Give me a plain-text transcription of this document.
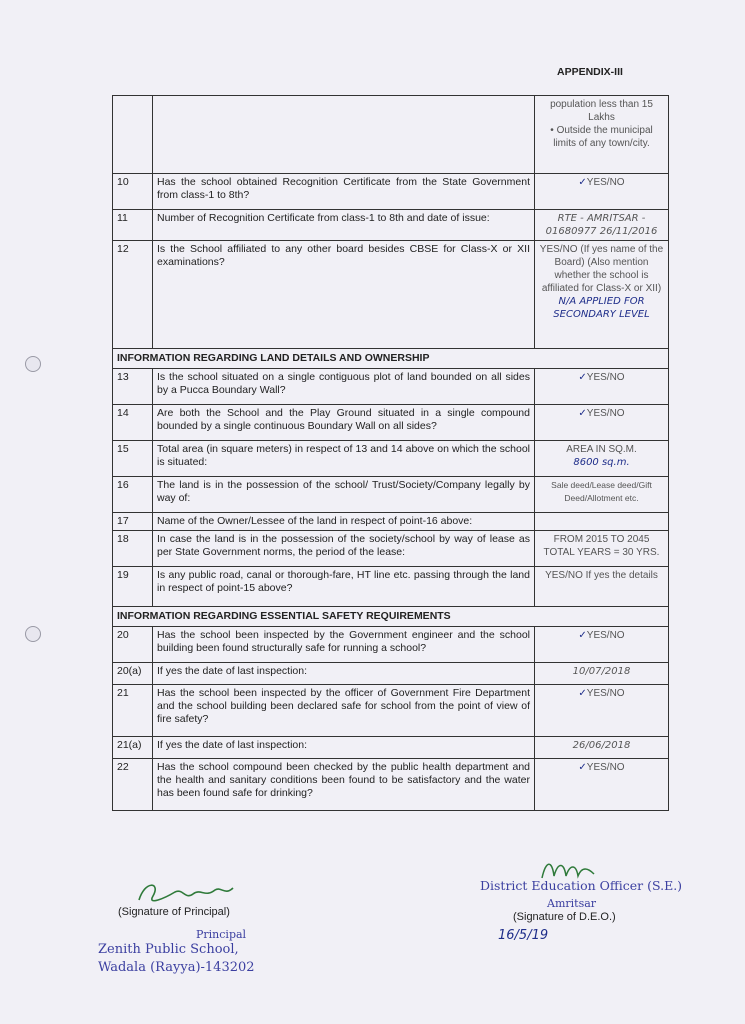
APPENDIX-III

		population less than 15 Lakhs
• Outside the municipal limits of any town/city.

10	Has the school obtained Recognition Certificate from the State Government from class-1 to 8th?	✓YES/NO
11	Number of Recognition Certificate from class-1 to 8th and date of issue:	RTE - AMRITSAR - 01680977 26/11/2016
12	Is the School affiliated to any other board besides CBSE for Class-X or XII examinations?	YES/NO (If yes name of the Board) (Also mention whether the school is affiliated for Class-X or XII)
N/A APPLIED FOR SECONDARY LEVEL

INFORMATION REGARDING LAND DETAILS AND OWNERSHIP		
13	Is the school situated on a single contiguous plot of land bounded on all sides by a Pucca Boundary Wall?	✓YES/NO
14	Are both the School and the Play Ground situated in a single compound bounded by a single continuous Boundary Wall on all sides?	✓YES/NO
15	Total area (in square meters) in respect of 13 and 14 above on which the school is situated:	AREA IN SQ.M.
8600 sq.m.

16	The land is in the possession of the school/ Trust/Society/Company legally by way of:	Sale deed/Lease deed/Gift Deed/Allotment etc.
17	Name of the Owner/Lessee of the land in respect of point-16 above:	
18	In case the land is in the possession of the society/school by way of lease as per State Government norms, the period of the lease:	FROM 2015 TO 2045 TOTAL YEARS = 30 YRS.
19	Is any public road, canal or thorough-fare, HT line etc. passing through the land in respect of point-15 above?	YES/NO If yes the details
INFORMATION REGARDING ESSENTIAL SAFETY REQUIREMENTS		
20	Has the school been inspected by the Government engineer and the school building been found structurally safe for running a school?	✓YES/NO
20(a)	If yes the date of last inspection:	10/07/2018
21	Has the school been inspected by the officer of Government Fire Department and the school building been declared safe for school from the point of view of fire safety?	✓YES/NO
21(a)	If yes the date of last inspection:	26/06/2018
22	Has the school compound been checked by the public health department and the health and sanitary conditions been found to be satisfactory and the water has been found safe for drinking?	✓YES/NO
(Signature of Principal)
Principal
Zenith Public School,
Wadala (Rayya)-143202
District Education Officer (S.E.)
Amritsar
(Signature of D.E.O.)
16/5/19
